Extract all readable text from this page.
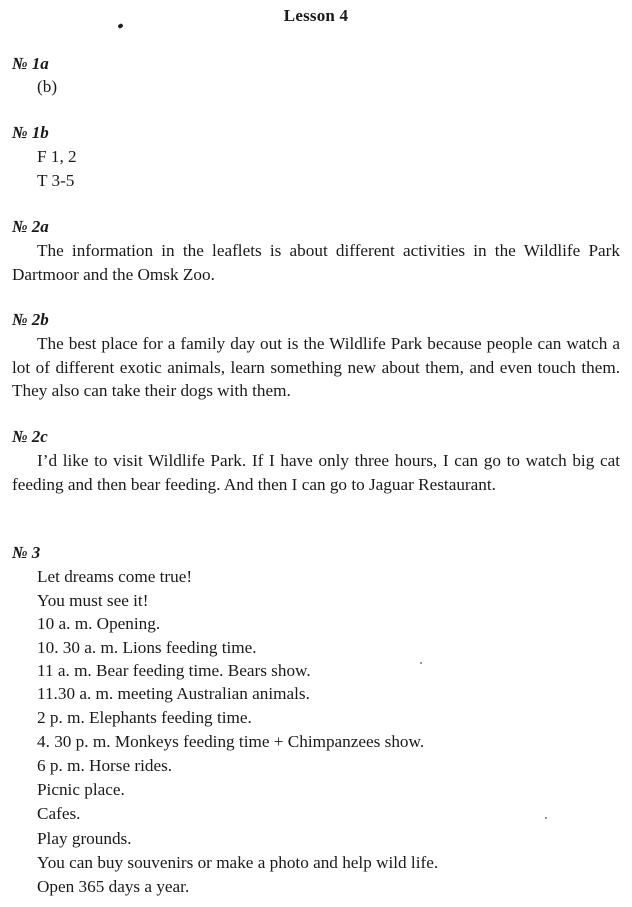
Lesson 4
№ 1a
(b)
№ 1b
F 1, 2
T 3-5
№ 2a
The information in the leaflets is about different activities in the Wildlife Park Dartmoor and the Omsk Zoo.
№ 2b
The best place for a family day out is the Wildlife Park because people can watch a lot of different exotic animals, learn something new about them, and even touch them. They also can take their dogs with them.
№ 2c
I’d like to visit Wildlife Park. If I have only three hours, I can go to watch big cat feeding and then bear feeding. And then I can go to Jaguar Restaurant.
№ 3
Let dreams come true!
You must see it!
10 a. m. Opening.
10. 30 a. m. Lions feeding time.
11 a. m. Bear feeding time. Bears show.
11.30 a. m. meeting Australian animals.
2 p. m. Elephants feeding time.
4. 30 p. m. Monkeys feeding time + Chimpanzees show.
6 p. m. Horse rides.
Picnic place.
Cafes.
Play grounds.
You can buy souvenirs or make a photo and help wild life.
Open 365 days a year.
